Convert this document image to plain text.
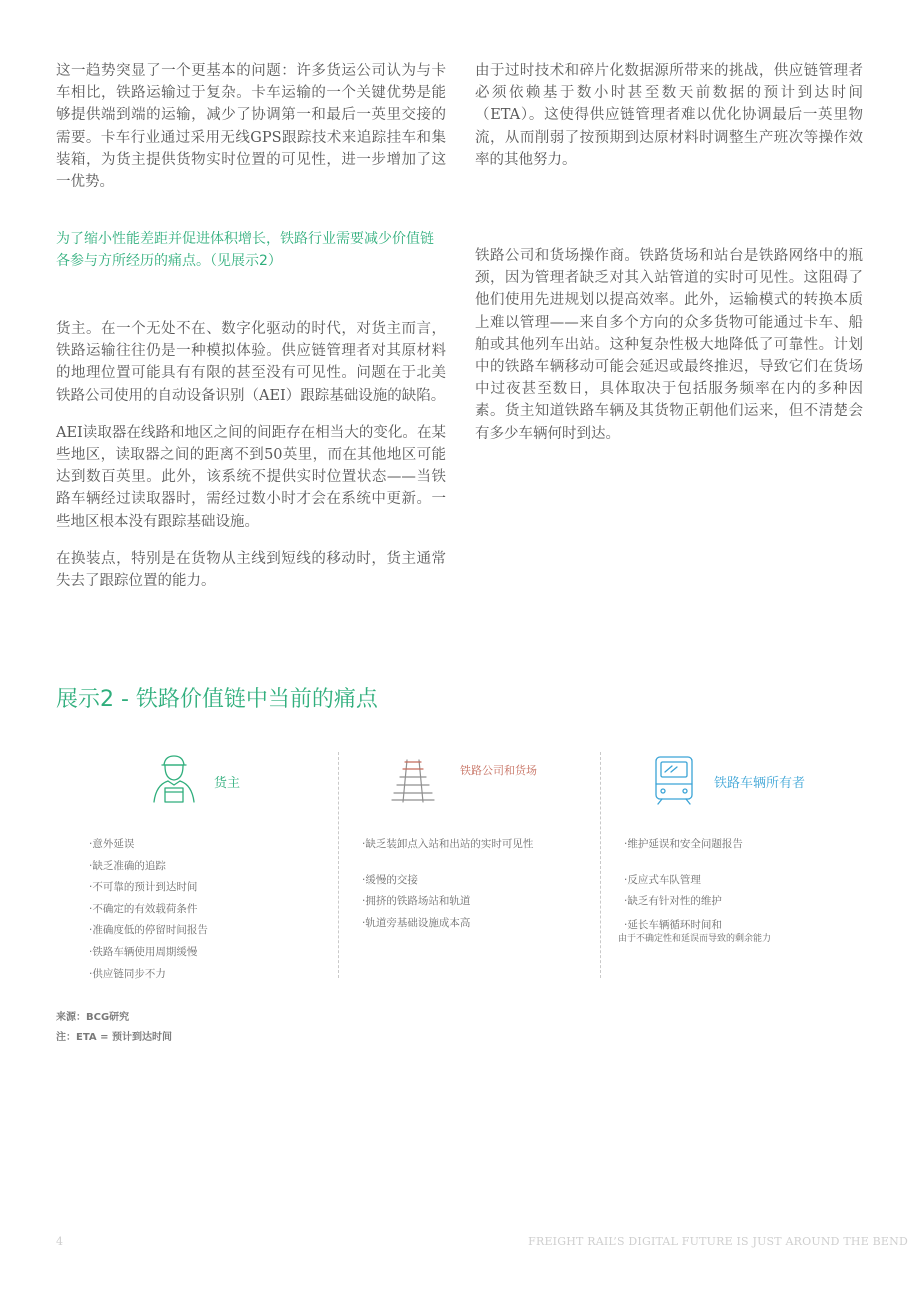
这一趋势突显了一个更基本的问题：许多货运公司认为与卡车相比，铁路运输过于复杂。卡车运输的一个关键优势是能够提供端到端的运输，减少了协调第一和最后一英里交接的需要。卡车行业通过采用无线GPS跟踪技术来追踪挂车和集装箱，为货主提供货物实时位置的可见性，进一步增加了这一优势。

为了缩小性能差距并促进体积增长，铁路行业需要减少价值链各参与方所经历的痛点。（见展示2）

货主。在一个无处不在、数字化驱动的时代，对货主而言，铁路运输往往仍是一种模拟体验。供应链管理者对其原材料的地理位置可能具有有限的甚至没有可见性。问题在于北美铁路公司使用的自动设备识别（AEI）跟踪基础设施的缺陷。

AEI读取器在线路和地区之间的间距存在相当大的变化。在某些地区，读取器之间的距离不到50英里，而在其他地区可能达到数百英里。此外，该系统不提供实时位置状态——当铁路车辆经过读取器时，需经过数小时才会在系统中更新。一些地区根本没有跟踪基础设施。

在换装点，特别是在货物从主线到短线的移动时，货主通常失去了跟踪位置的能力。

由于过时技术和碎片化数据源所带来的挑战，供应链管理者必须依赖基于数小时甚至数天前数据的预计到达时间（ETA）。这使得供应链管理者难以优化协调最后一英里物流，从而削弱了按预期到达原材料时调整生产班次等操作效率的其他努力。

铁路公司和货场操作商。铁路货场和站台是铁路网络中的瓶颈，因为管理者缺乏对其入站管道的实时可见性。这阻碍了他们使用先进规划以提高效率。此外，运输模式的转换本质上难以管理——来自多个方向的众多货物可能通过卡车、船舶或其他列车出站。这种复杂性极大地降低了可靠性。计划中的铁路车辆移动可能会延迟或最终推迟，导致它们在货场中过夜甚至数日，具体取决于包括服务频率在内的多种因素。货主知道铁路车辆及其货物正朝他们运来，但不清楚会有多少车辆何时到达。

展示2 - 铁路价值链中当前的痛点
货主
·意外延误
·缺乏准确的追踪
·不可靠的预计到达时间
·不确定的有效载荷条件
·准确度低的停留时间报告
·铁路车辆使用周期缓慢
·供应链同步不力
铁路公司和货场
·缺乏装卸点入站和出站的实时可见性
·缓慢的交接
·拥挤的铁路场站和轨道
·轨道旁基础设施成本高
铁路车辆所有者
·维护延误和安全问题报告
·反应式车队管理
·缺乏有针对性的维护
·延长车辆循环时间和
由于不确定性和延误而导致的剩余能力
来源：BCG研究
注：ETA = 预计到达时间
4	FREIGHT RAIL’S DIGITAL FUTURE IS JUST AROUND THE BEND
